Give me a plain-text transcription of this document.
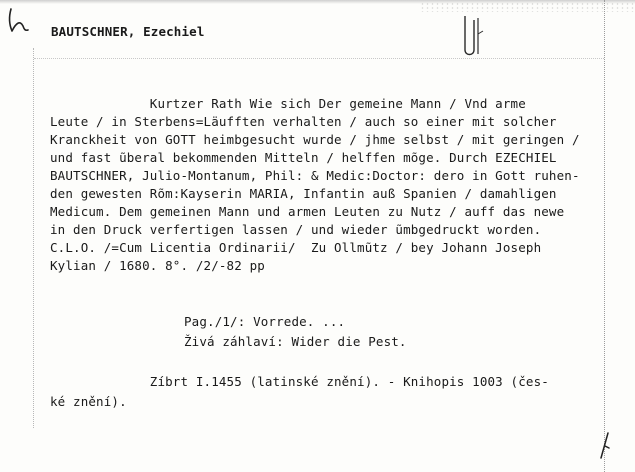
BAUTSCHNER, Ezechiel

Kurtzer Rath Wie sich Der gemeine Mann / Vnd arme

Leute / in Sterbens=Läufften verhalten / auch so einer mit solcher

Kranckheit von GOTT heimbgesucht wurde / jhme selbst / mit geringen /

und fast ũberal bekommenden Mitteln / helffen mõge. Durch EZECHIEL

BAUTSCHNER, Julio-Montanum, Phil: & Medic:Doctor: dero in Gott ruhen-

den gewesten Rõm:Kayserin MARIA, Infantin auß Spanien / damahligen

Medicum. Dem gemeinen Mann und armen Leuten zu Nutz / auff das newe

in den Druck verfertigen lassen / und wieder ũmbgedruckt worden.

C.L.O. /=Cum Licentia Ordinarii/  Zu Ollmũtz / bey Johann Joseph

Kylian / 1680. 8°. /2/-82 pp

Pag./1/: Vorrede. ...

Živá záhlaví: Wider die Pest.

Zíbrt I.1455 (latinské znění). - Knihopis 1003 (čes-

ké znění).
